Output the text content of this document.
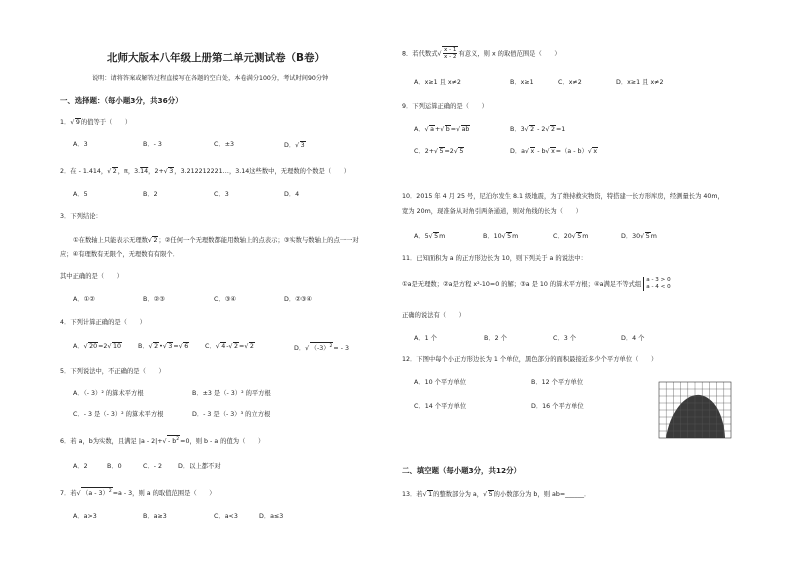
北师大版本八年级上册第二单元测试卷（B卷）
说明：请将答案或解答过程直接写在各题的空白处，本卷满分100分，考试时间90分钟
一、选择题：（每小题3分，共36分）
1．√ 9的值等于（　　）
A．3	B．- 3	C．±3	D．√ 3
2．在 - 1.414，√ 2，π，3.14，2+√ 3，3.212212221…，3.14这些数中，无理数的个数是（　　）
A．5	B．2	C．3	D．4
3．下列结论：
①在数轴上只能表示无理数√ 2；②任何一个无理数都能用数轴上的点表示；③实数与数轴上的点一一对
应；④有理数有无限个，无理数有有限个．
其中正确的是（　　）
A．①②	B．②③	C．③④	D．②③④
4．下列计算正确的是（　　）
A．√ 20=2√ 10	B．√ 2•√ 3=√ 6	C．√ 4-√ 2=√ 2	D．√ $(-3)^2= - 3$
5．下列说法中，不正确的是（　　）
A．（- 3）² 的算术平方根	B．±3 是（- 3）² 的平方根
C．- 3 是（- 3）² 的算术平方根	D．- 3 是（- 3）³ 的立方根
6．若 a，b为实数，且满足 $|a - 2|+√ - b^2=0$，则 b - a 的值为（　　）
A．2	B．0	C．- 2	D．以上都不对
7．若√ （a - 3）$^2$=a - 3，则 a 的取值范围是（　　）
A．a>3	B．a≥3	C．a<3	D．a≤3
8．若代数式√ $\frac{x - 1}{x - 2}$ 有意义，则 x 的取值范围是（　　）
A．x≥1 且 x≠2	B．x≥1	C．x≠2	D．x≥1 且 x≠2
9．下列运算正确的是（　　）
A．√ a+√ b=√ ab	B．3√ 2 - 2√ 2=1
C．2+√ 5=2√ 5	D．a√ x - b√ x=（a - b）√ x
10．2015 年 4 月 25 号，尼泊尔发生 8.1 级地震，为了维持救灾物资，特搭建一长方形库房，经测量长为 40m，
宽为 20m，现准备从对角引两条通道，则对角线的长为（　　）
A．5√ 5m	B．10√ 5m	C．20√ 5m	D．30√ 5m
11．已知面积为 a 的正方形边长为 10，则下列关于 a 的说法中：
①a是无理数；②a是方程 x²-10=0 的解；③a 是 10 的算术平方根；④a满足不等式组
a - 3 > 0
a - 4 < 0
正确的说法有（　　）
A．1 个	B．2 个	C．3 个	D．4 个
12．下图中每个小正方形边长为 1 个单位，黑色部分的面积最接近多少个平方单位（　　）
A．10 个平方单位	B．12 个平方单位
C．14 个平方单位	D．16 个平方单位
二、填空题（每小题3分，共12分）
13．若√ 1的整数部分为 a，√ 5的小数部分为 b，则 ab=______．
